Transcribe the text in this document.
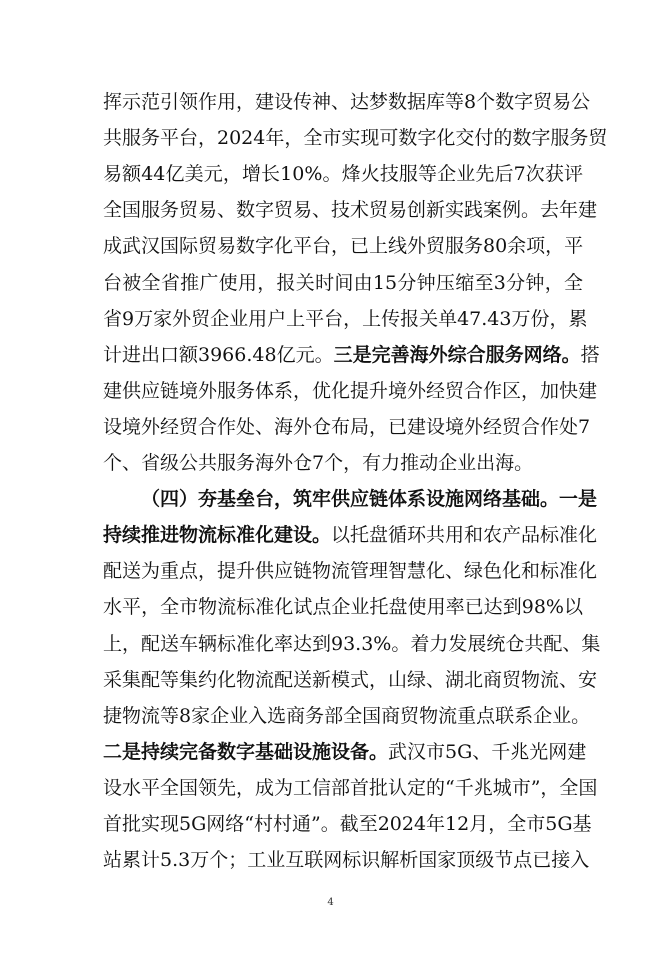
挥示范引领作用，建设传神、达梦数据库等8个数字贸易公
共服务平台，2024年，全市实现可数字化交付的数字服务贸
易额44亿美元，增长10%。烽火技服等企业先后7次获评
全国服务贸易、数字贸易、技术贸易创新实践案例。去年建
成武汉国际贸易数字化平台，已上线外贸服务80余项，平
台被全省推广使用，报关时间由15分钟压缩至3分钟，全
省9万家外贸企业用户上平台，上传报关单47.43万份，累
计进出口额3966.48亿元。三是完善海外综合服务网络。搭
建供应链境外服务体系，优化提升境外经贸合作区，加快建
设境外经贸合作处、海外仓布局，已建设境外经贸合作处7
个、省级公共服务海外仓7个，有力推动企业出海。
（四）夯基垒台，筑牢供应链体系设施网络基础。一是
持续推进物流标准化建设。以托盘循环共用和农产品标准化
配送为重点，提升供应链物流管理智慧化、绿色化和标准化
水平，全市物流标准化试点企业托盘使用率已达到98%以
上，配送车辆标准化率达到93.3%。着力发展统仓共配、集
采集配等集约化物流配送新模式，山绿、湖北商贸物流、安
捷物流等8家企业入选商务部全国商贸物流重点联系企业。
二是持续完备数字基础设施设备。武汉市5G、千兆光网建
设水平全国领先，成为工信部首批认定的“千兆城市”，全国
首批实现5G网络“村村通”。截至2024年12月，全市5G基
站累计5.3万个；工业互联网标识解析国家顶级节点已接入
4
